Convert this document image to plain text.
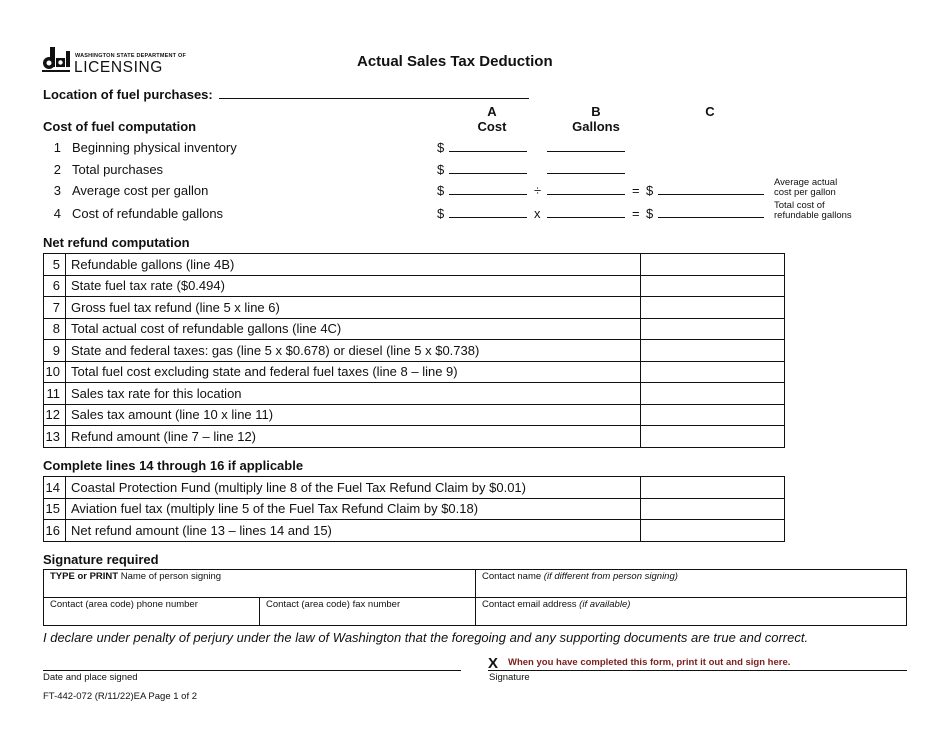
WASHINGTON STATE DEPARTMENT OF
LICENSING	Actual Sales Tax Deduction
Location of fuel purchases:
A
Cost
B
Gallons
C
Cost of fuel computation
1 Beginning physical inventory	$
2 Total purchases	$
3 Average cost per gallon	$	÷	= $
Average actual
cost per gallon
4 Cost of refundable gallons	$	x	= $
Total cost of
refundable gallons
Net refund computation
5	Refundable gallons (line 4B)	
6	State fuel tax rate ($0.494)	
7	Gross fuel tax refund (line 5 x line 6)	
8	Total actual cost of refundable gallons (line 4C)	
9	State and federal taxes: gas (line 5 x $0.678) or diesel (line 5 x $0.738)	
10	Total fuel cost excluding state and federal fuel taxes (line 8 – line 9)	
11	Sales tax rate for this location	
12	Sales tax amount (line 10 x line 11)	
13	Refund amount (line 7 – line 12)	
Complete lines 14 through 16 if applicable
14	Coastal Protection Fund (multiply line 8 of the Fuel Tax Refund Claim by $0.01)	
15	Aviation fuel tax (multiply line 5 of the Fuel Tax Refund Claim by $0.18)	
16	Net refund amount (line 13 – lines 14 and 15)	
Signature required
TYPE or PRINT Name of person signing	Contact name (if different from person signing)
Contact (area code) phone number	Contact (area code) fax number	Contact email address (if available)
I declare under penalty of perjury under the law of Washington that the foregoing and any supporting documents are true and correct.
Date and place signed
X When you have completed this form, print it out and sign here.
Signature
FT-442-072 (R/11/22)EA Page 1 of 2
